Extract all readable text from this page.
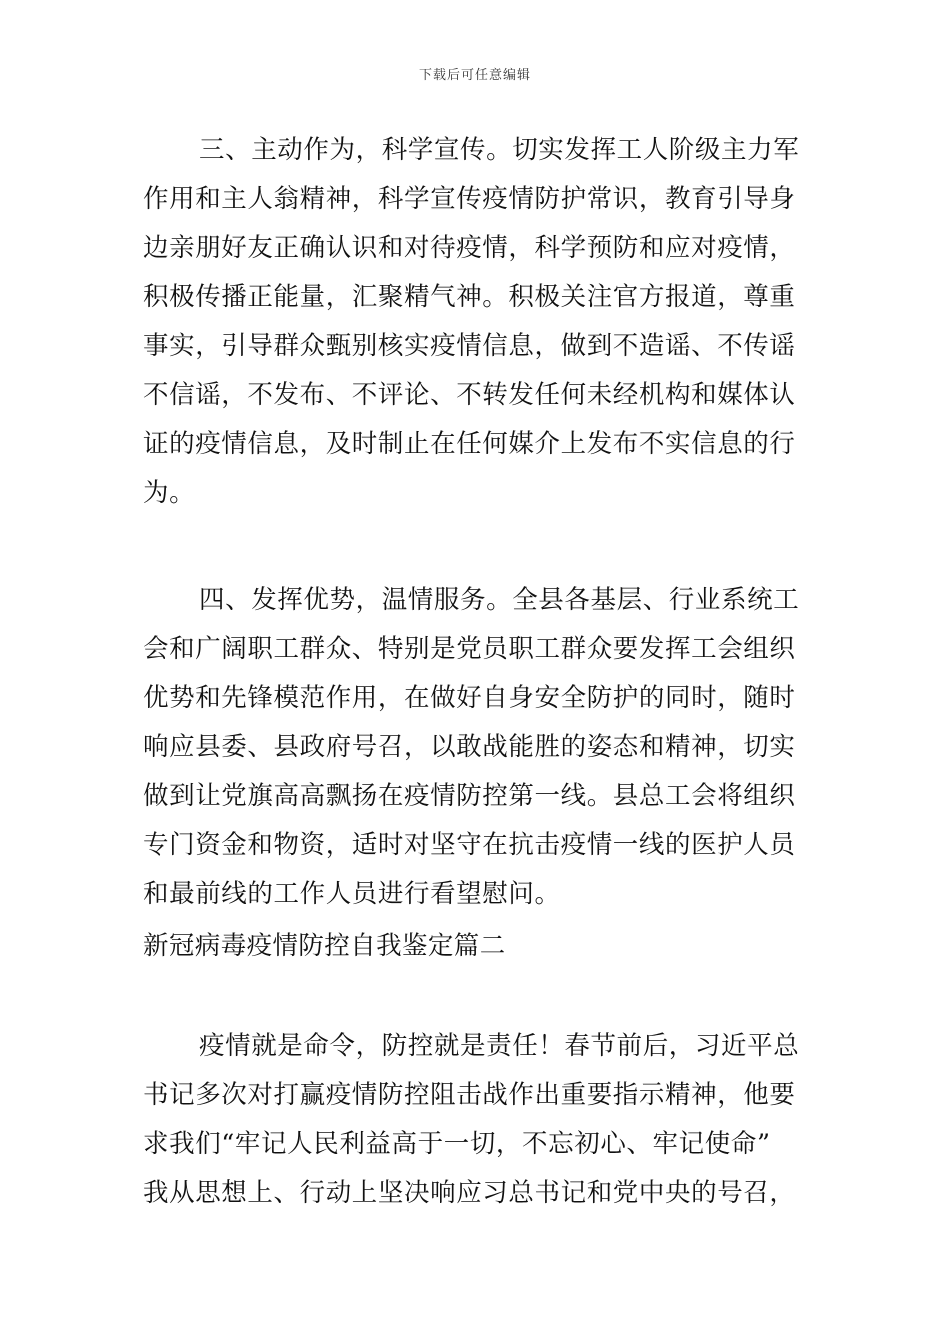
下载后可任意编辑
三、主动作为，科学宣传。切实发挥工人阶级主力军
作用和主人翁精神，科学宣传疫情防护常识，教育引导身
边亲朋好友正确认识和对待疫情，科学预防和应对疫情，
积极传播正能量，汇聚精气神。积极关注官方报道，尊重
事实，引导群众甄别核实疫情信息，做到不造谣、不传谣
不信谣，不发布、不评论、不转发任何未经机构和媒体认
证的疫情信息，及时制止在任何媒介上发布不实信息的行
为。
四、发挥优势，温情服务。全县各基层、行业系统工
会和广阔职工群众、特别是党员职工群众要发挥工会组织
优势和先锋模范作用，在做好自身安全防护的同时，随时
响应县委、县政府号召，以敢战能胜的姿态和精神，切实
做到让党旗高高飘扬在疫情防控第一线。县总工会将组织
专门资金和物资，适时对坚守在抗击疫情一线的医护人员
和最前线的工作人员进行看望慰问。
新冠病毒疫情防控自我鉴定篇二
疫情就是命令，防控就是责任！春节前后，习近平总
书记多次对打赢疫情防控阻击战作出重要指示精神，他要
求我们“牢记人民利益高于一切，不忘初心、牢记使命”
我从思想上、行动上坚决响应习总书记和党中央的号召，
